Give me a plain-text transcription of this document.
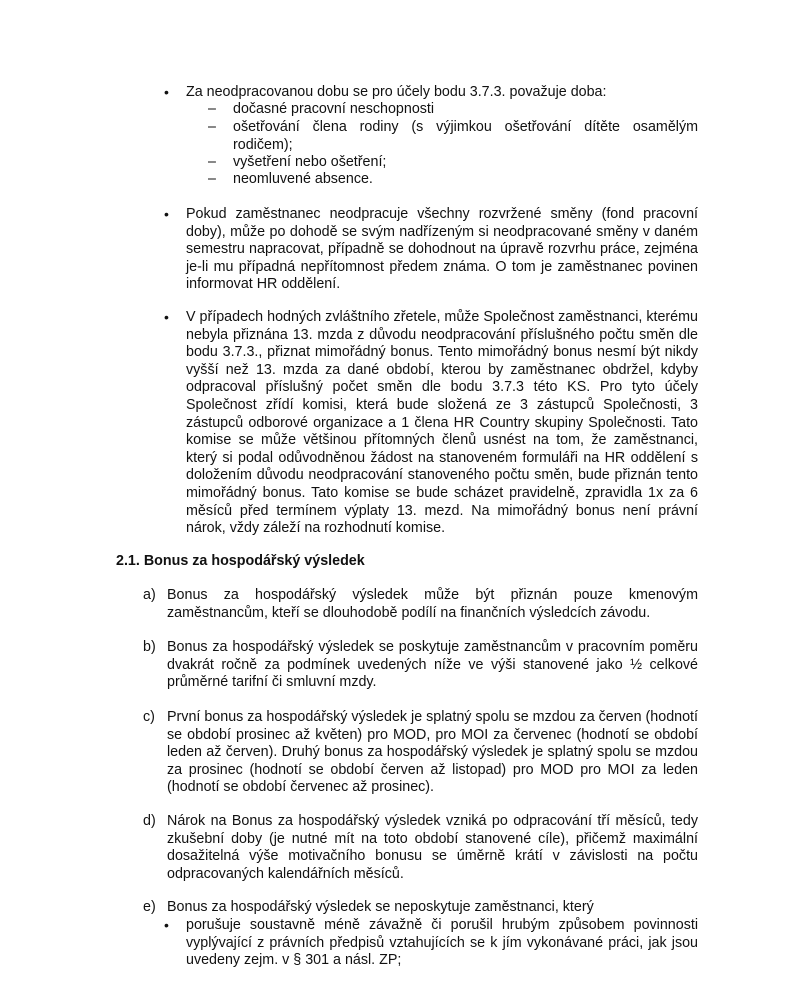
• Za neodpracovanou dobu se pro účely bodu 3.7.3. považuje doba:
– dočasné pracovní neschopnosti
– ošetřování člena rodiny (s výjimkou ošetřování dítěte osamělým rodičem);
– vyšetření nebo ošetření;
– neomluvené absence.
• Pokud zaměstnanec neodpracuje všechny rozvržené směny (fond pracovní doby), může po dohodě se svým nadřízeným si neodpracované směny v daném semestru napracovat, případně se dohodnout na úpravě rozvrhu práce, zejména je-li mu případná nepřítomnost předem známa. O tom je zaměstnanec povinen informovat HR oddělení.
• V případech hodných zvláštního zřetele, může Společnost zaměstnanci, kterému nebyla přiznána 13. mzda z důvodu neodpracování příslušného počtu směn dle bodu 3.7.3., přiznat mimořádný bonus. Tento mimořádný bonus nesmí být nikdy vyšší než 13. mzda za dané období, kterou by zaměstnanec obdržel, kdyby odpracoval příslušný počet směn dle bodu 3.7.3 této KS. Pro tyto účely Společnost zřídí komisi, která bude složená ze 3 zástupců Společnosti, 3 zástupců odborové organizace a 1 člena HR Country skupiny Společnosti. Tato komise se může většinou přítomných členů usnést na tom, že zaměstnanci, který si podal odůvodněnou žádost na stanoveném formuláři na HR oddělení s doložením důvodu neodpracování stanoveného počtu směn, bude přiznán tento mimořádný bonus. Tato komise se bude scházet pravidelně, zpravidla 1x za 6 měsíců před termínem výplaty 13. mezd. Na mimořádný bonus není právní nárok, vždy záleží na rozhodnutí komise.
2.1. Bonus za hospodářský výsledek
a) Bonus za hospodářský výsledek může být přiznán pouze kmenovým zaměstnancům, kteří se dlouhodobě podílí na finančních výsledcích závodu.
b) Bonus za hospodářský výsledek se poskytuje zaměstnancům v pracovním poměru dvakrát ročně za podmínek uvedených níže ve výši stanovené jako ½ celkové průměrné tarifní či smluvní mzdy.
c) První bonus za hospodářský výsledek je splatný spolu se mzdou za červen (hodnotí se období prosinec až květen) pro MOD, pro MOI za červenec (hodnotí se období leden až červen). Druhý bonus za hospodářský výsledek je splatný spolu se mzdou za prosinec (hodnotí se období červen až listopad) pro MOD pro MOI za leden (hodnotí se období červenec až prosinec).
d) Nárok na Bonus za hospodářský výsledek vzniká po odpracování tří měsíců, tedy zkušební doby (je nutné mít na toto období stanovené cíle), přičemž maximální dosažitelná výše motivačního bonusu se úměrně krátí v závislosti na počtu odpracovaných kalendářních měsíců.
e) Bonus za hospodářský výsledek se neposkytuje zaměstnanci, který
• porušuje soustavně méně závažně či porušil hrubým způsobem povinnosti vyplývající z právních předpisů vztahujících se k jím vykonávané práci, jak jsou uvedeny zejm. v § 301 a násl. ZP;
